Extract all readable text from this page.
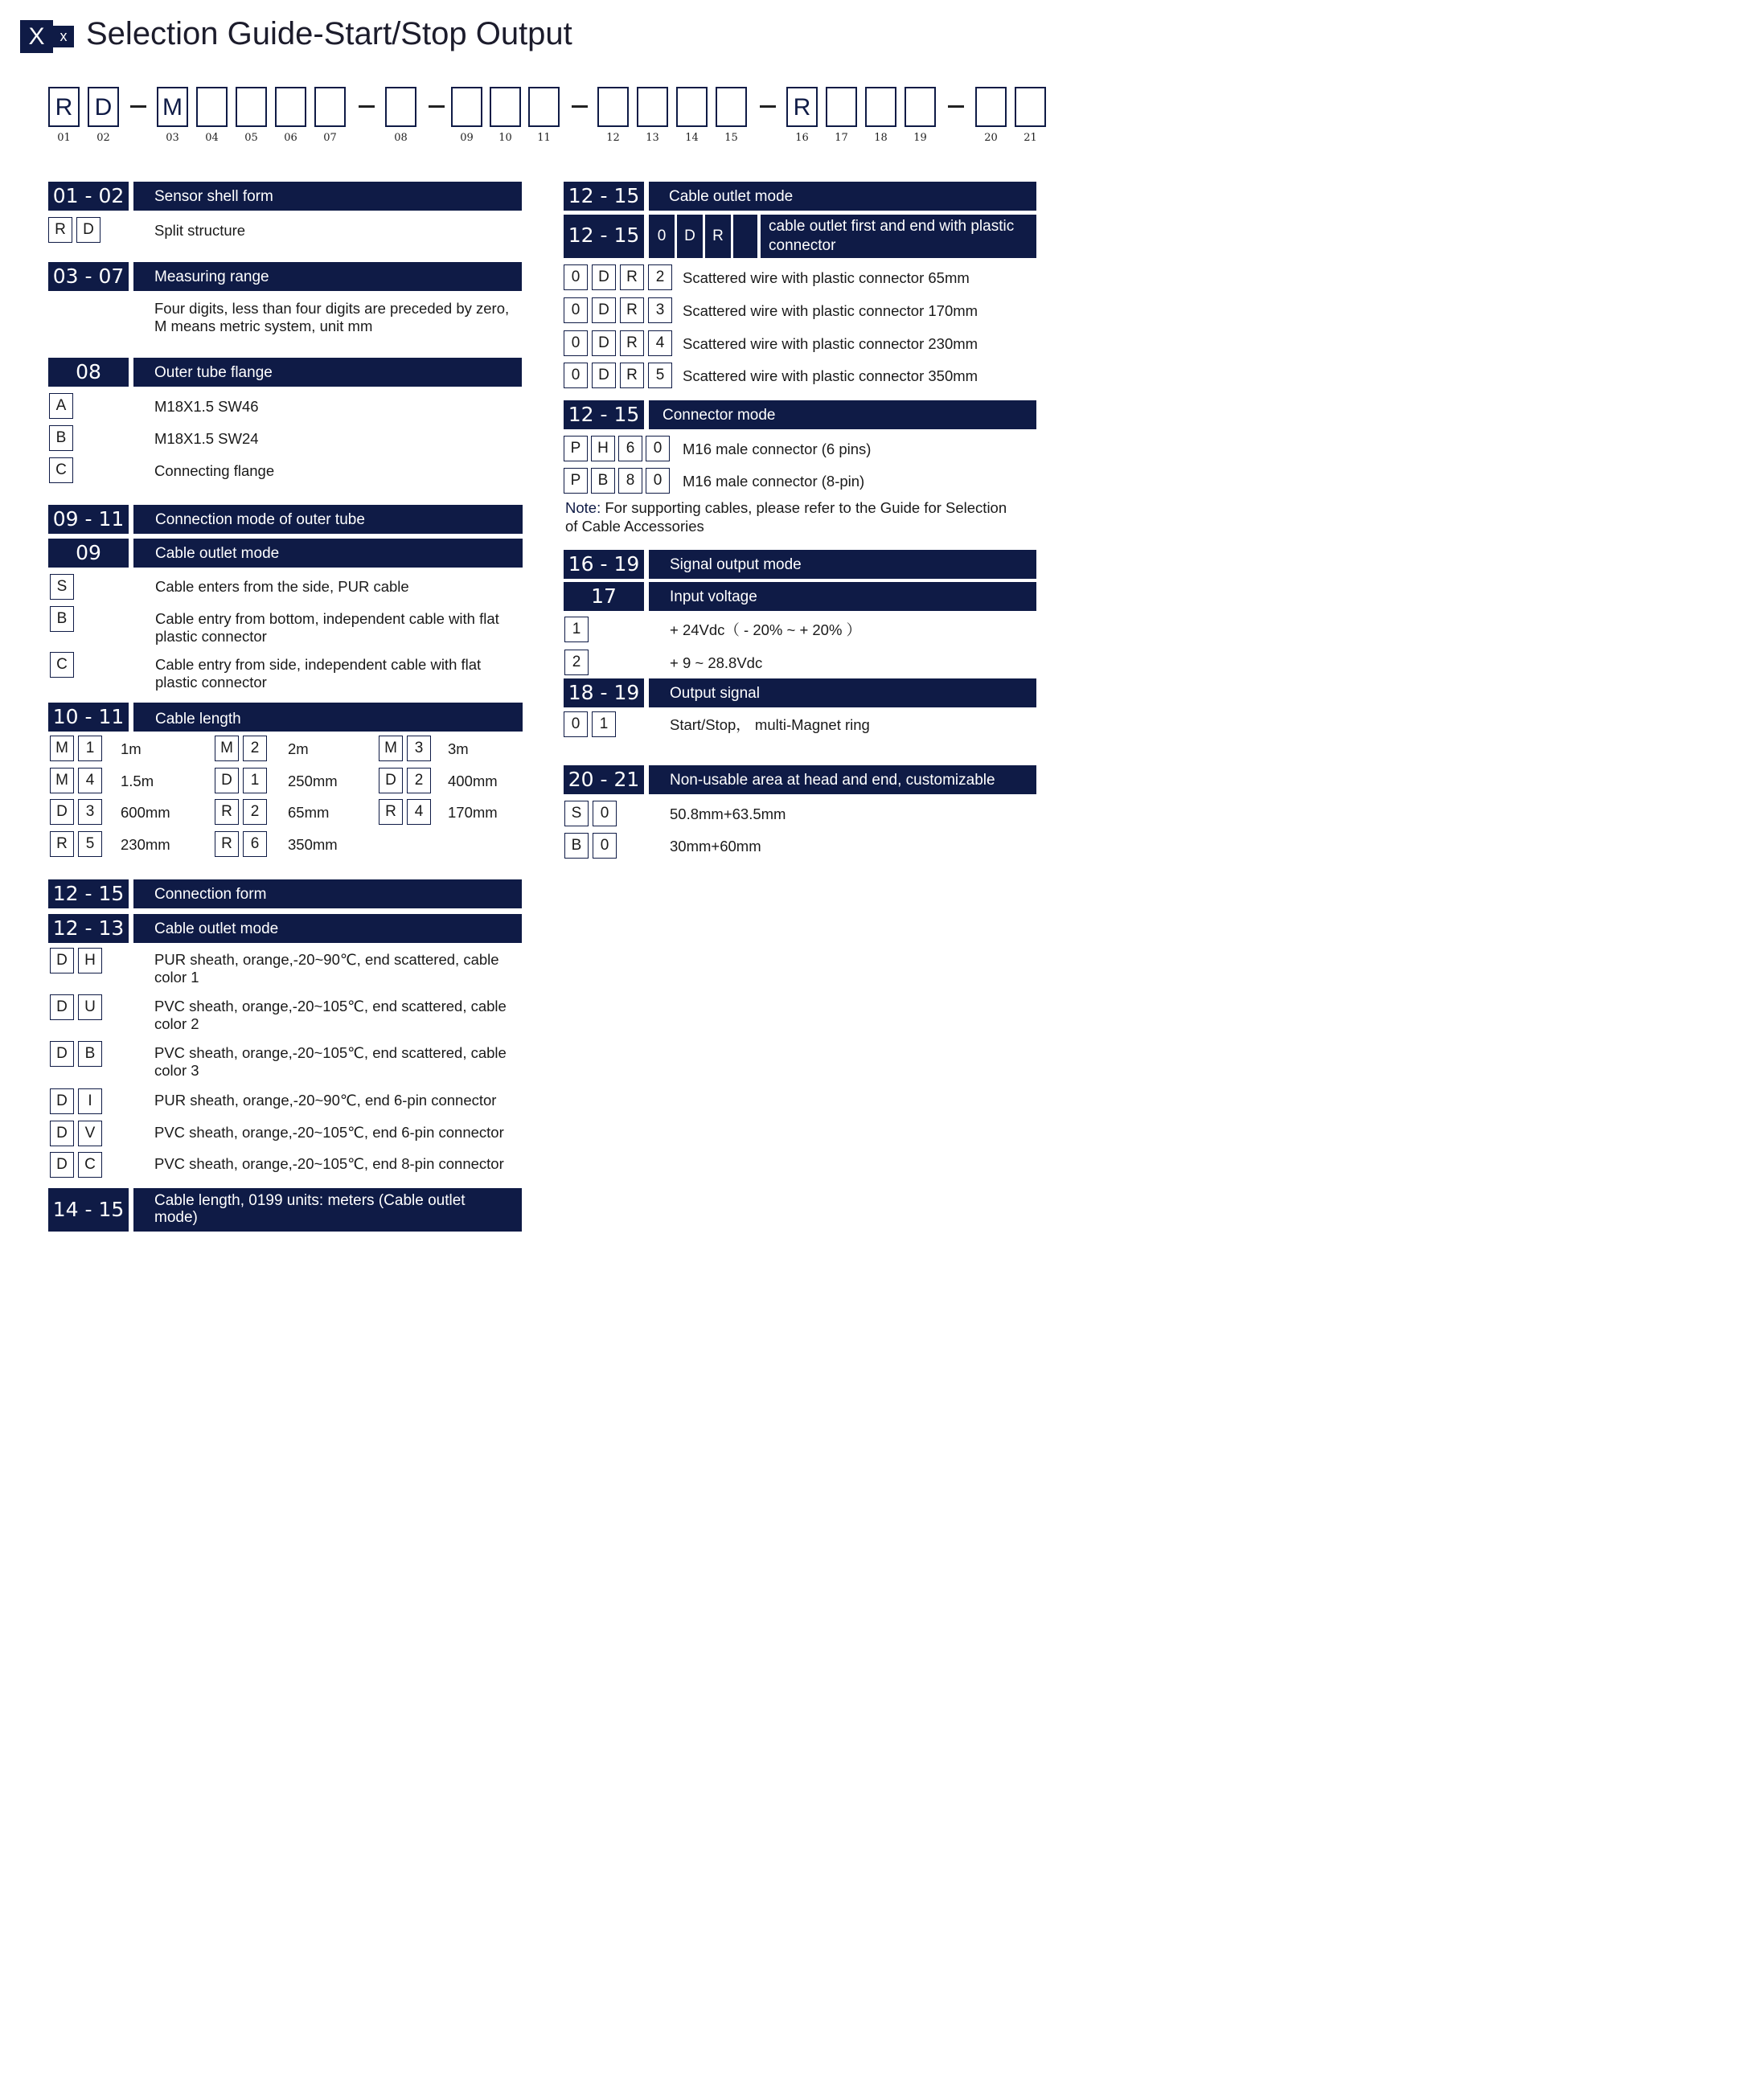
X	x Selection Guide-Start/Stop Output
R
01
D
02
M
03	04	05	06	07	08	09	10	11	12	13	14	15
R
16	17	18	19	20	21
01 - 02	Sensor shell form
R	D	Split structure
03 - 07	Measuring range
Four digits, less than four digits are preceded by zero, M means metric system, unit mm
08	Outer tube flange
A	M18X1.5 SW46
B	M18X1.5 SW24
C	Connecting flange
09 - 11	Connection mode of outer tube
09	Cable outlet mode
S	Cable enters from the side, PUR cable
B	Cable entry from bottom, independent cable with flat plastic connector
C	Cable entry from side, independent cable with flat plastic connector
10 - 11	Cable length
M	1	1m	M	2	2m	M	3	3m
M	4	1.5m	D	1	250mm	D	2	400mm
D	3	600mm	R	2	65mm	R	4	170mm
R	5	230mm	R	6	350mm
12 - 15	Connection form
12 - 13	Cable outlet mode
D	H	PUR sheath, orange,-20~90℃, end scattered, cable color 1
D	U	PVC sheath, orange,-20~105℃, end scattered, cable color 2
D	B	PVC sheath, orange,-20~105℃, end scattered, cable color 3
D	I	PUR sheath, orange,-20~90℃, end 6-pin connector
D	V	PVC sheath, orange,-20~105℃, end 6-pin connector
D	C	PVC sheath, orange,-20~105℃, end 8-pin connector
14 - 15	Cable length, 0199 units: meters (Cable outlet mode)
12 - 15	Cable outlet mode
12 - 15	0	D	R
cable outlet first and end with plastic connector
0	D	R	2	Scattered wire with plastic connector 65mm
0	D	R	3	Scattered wire with plastic connector 170mm
0	D	R	4	Scattered wire with plastic connector 230mm
0	D	R	5	Scattered wire with plastic connector 350mm
12 - 15	Connector mode
P	H	6	0	M16 male connector (6 pins)
P	B	8	0	M16 male connector (8-pin)
Note: For supporting cables, please refer to the Guide for Selection of Cable Accessories
16 - 19	Signal output mode
17	Input voltage
1	+ 24Vdc（ - 20% ~ + 20% ）
2	+ 9 ~ 28.8Vdc
18 - 19	Output signal
0	1	Start/Stop， multi-Magnet ring
20 - 21	Non-usable area at head and end, customizable
S	0	50.8mm+63.5mm
B	0	30mm+60mm
